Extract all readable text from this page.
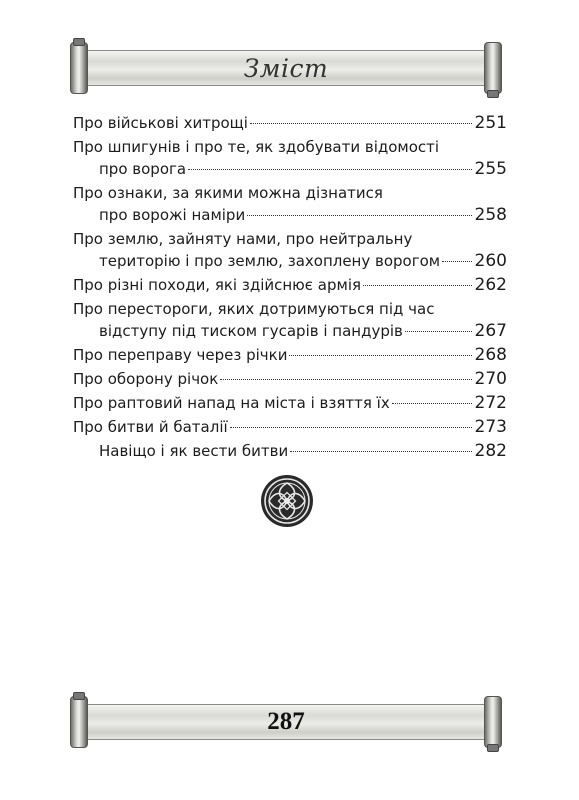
Зміст
Про військові хитрощі	251
Про шпигунів і про те, як здобувати відомості
про ворога	255
Про ознаки, за якими можна дізнатися
про ворожі наміри	258
Про землю, зайняту нами, про нейтральну
територію і про землю, захоплену ворогом 260
Про різні походи, які здійснює армія	262
Про перестороги, яких дотримуються під час
відступу під тиском гусарів і пандурів	267
Про переправу через річки	268
Про оборону річок	270
Про раптовий напад на міста і взяття їх	272
Про битви й баталії	273
Навіщо і як вести битви	282
287
